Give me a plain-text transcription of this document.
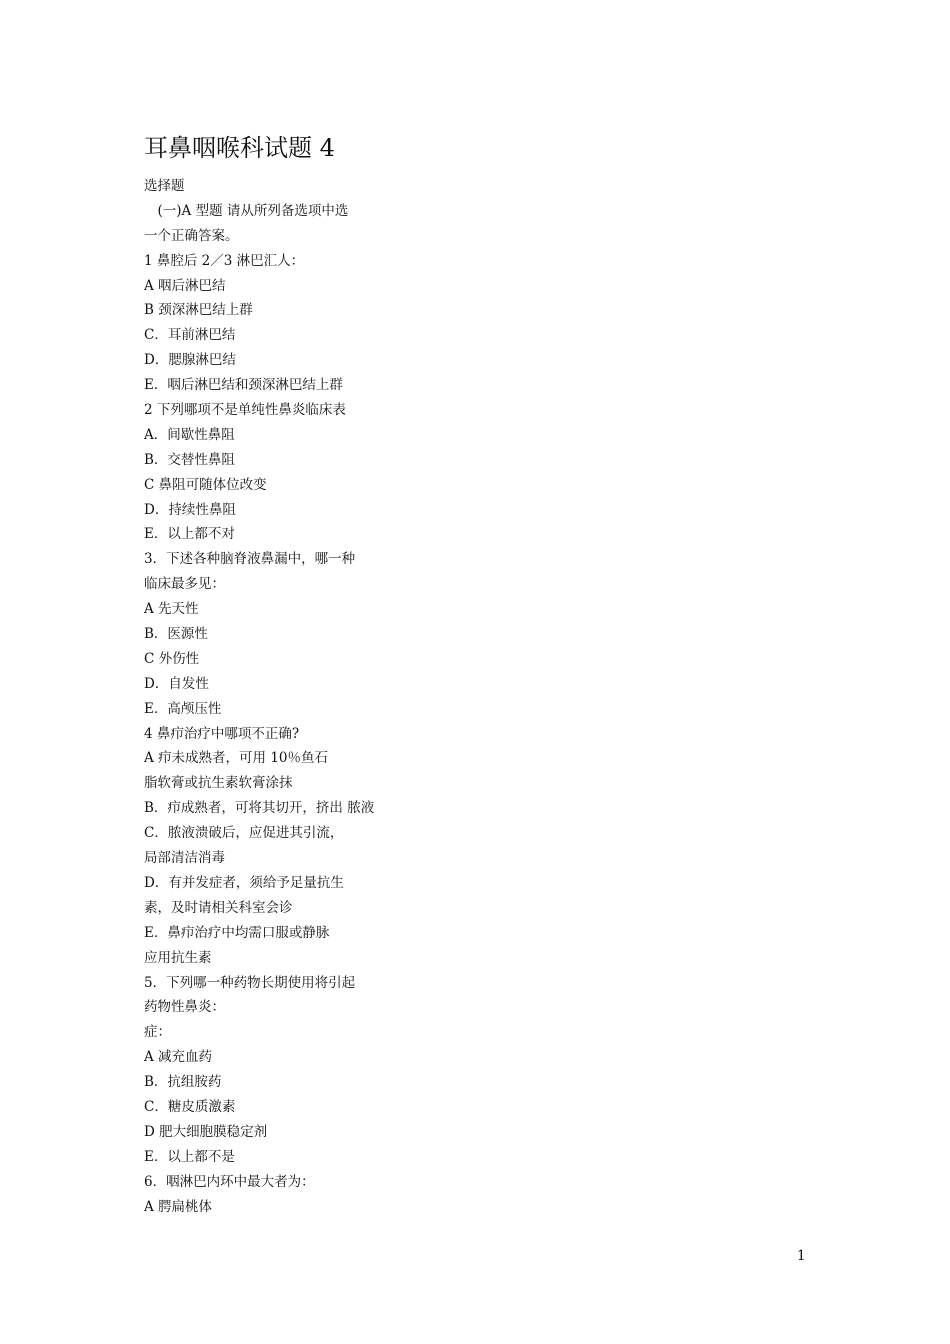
耳鼻咽喉科试题 4
选择题
　(一)A 型题 请从所列备选项中选
一个正确答案。
1 鼻腔后 2／3 淋巴汇人：
A 咽后淋巴结
B 颈深淋巴结上群
C．耳前淋巴结
D．腮腺淋巴结
E．咽后淋巴结和颈深淋巴结上群
2 下列哪项不是单纯性鼻炎临床表
A．间歇性鼻阻
B．交替性鼻阻
C 鼻阻可随体位改变
D．持续性鼻阻
E．以上都不对
3．下述各种脑脊液鼻漏中，哪一种
临床最多见：
A 先天性
B．医源性
C 外伤性
D．自发性
E．高颅压性
4 鼻疖治疗中哪项不正确?
A 疖未成熟者，可用 10％鱼石
脂软膏或抗生素软膏涂抹
B．疖成熟者，可将其切开，挤出 脓液
C．脓液溃破后，应促进其引流，
局部清洁消毒
D．有并发症者，须给予足量抗生
素，及时请相关科室会诊
E．鼻疖治疗中均需口服或静脉
应用抗生素
5．下列哪一种药物长期使用将引起
药物性鼻炎：
症：
A 减充血药
B．抗组胺药
C．糖皮质激素
D 肥大细胞膜稳定剂
E．以上都不是
6．咽淋巴内环中最大者为：
A 腭扁桃体
1
